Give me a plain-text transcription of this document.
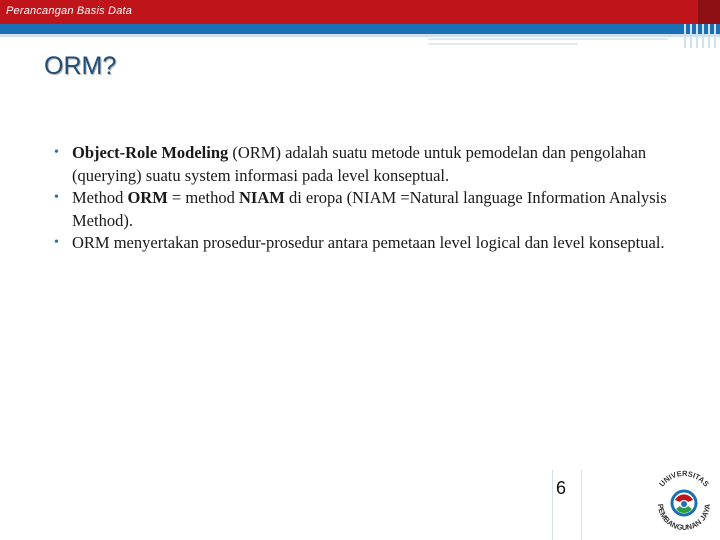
Perancangan Basis Data
ORM?
• Object-Role Modeling (ORM) adalah suatu metode untuk pemodelan dan pengolahan (querying) suatu system informasi pada level konseptual.
• Method ORM = method NIAM di eropa (NIAM =Natural language Information Analysis Method).
• ORM menyertakan prosedur-prosedur antara pemetaan level logical dan level konseptual.
6	UNIVERSITAS
PEMBANGUNAN JAYA
